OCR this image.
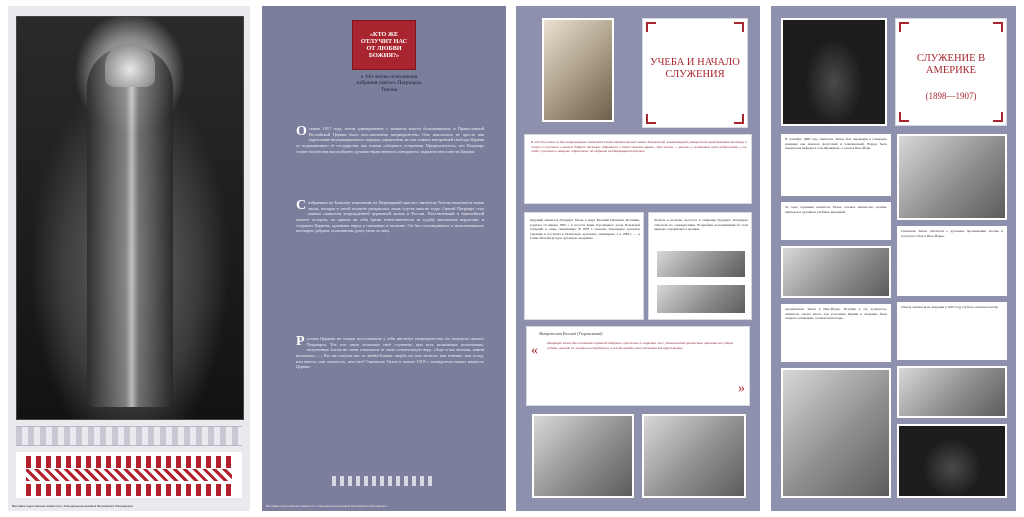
Выставка подготовлена совместно с Синодальным архивом Московского Патриархата
«КТО ЖЕ ОТЛУЧИТ НАС ОТ ЛЮБВИ БОЖИЯ?»
к 100-летию исполнения избрания святого Патриарха Тихона
О сенью 1917 года, почти одновременно с захватом власти большевиками, в Православной Российской Церкви было восстановлено патриаршество. Оно мыслилось не просто как укрепление внутрицерковного порядка управления, но как символ внутренней свободы Церкви от подавляющего её государства, как основа соборного устроения. Предполагалось, что Патриарх станет носителем высочайшего духовно-нравственного авторитета, выразителем совести Церкви.
С избранием по Божьему изволению на Патриарший престол святителя Тихона начинается новая эпоха, которая в своей полноте раскрылась лишь спустя многие годы. Святой Патриарх стал живым символом возрождённой церковной жизни в России. Поставленный в тяжелейший момент истории, он принял на себя бремя ответственности за судьбу миллионов верующих и сохранил Церковь, призывая народ к покаянию и молитве. Он был исповедником и молитвенником, пастырем добрым, полагавшим душу свою за овец.
Р усская Церковь не только восстановила у себя институт патриаршества, но получила святого Патриарха. Тот, кто свято исполнил своё служение, при всех возможных испытаниях, полученных Богом не стоит отказаться за свою сознательную веру. «Аще и мы молчим, камни возопиют». — Кто же отлучит нас от любви Божия: скорбь ли, или теснота, или гонение, или голод, или нагота, или опасность, или меч? Святитель Тихон в начале 1918 г. засвидетельствовал верность Церкви.
Выставка подготовлена совместно с Синодальным архивом Московского Патриархата
УЧЕБА И НАЧАЛО СЛУЖЕНИЯ
В год 100-летия со дня интронизации святителя Тихона Православный Свято-Тихоновский гуманитарный университет представляет выставку о жизни и служении «святого доброго пастыря, избранного в самое тяжкое время». Эти листы — рассказ о жизненном пути подвижника, о его учёбе, служении в Америке и Ярославле, об избрании на Патриарший престол.
Будущий святитель Патриарх Тихон, в миру Василий Иванович Беллавин, родился 19 января 1865 г. в погосте Клин Торопецкого уезда Псковской губернии в семье священника. В 1878 г. окончил Торопецкое духовное училище и поступил в Псковскую духовную семинарию, а в 1884 г. — в Санкт-Петербургскую духовную академию.
Любовь к молитве, кротость и смирение будущего Патриарха отмечали его однокурсники. Подробные воспоминания об этом периоде сохранились в архивах.
Митрополит Евлогий (Георгиевский)
«
»
Патриарх Тихон был человеком огромной доброты, простоты и смирения. Он с удивительной кротостью принимал все удары судьбы, никогда не жалуясь на трудности, а всегда находя слово утешения для окружающих.
СЛУЖЕНИЕ В АМЕРИКЕ
(1898—1907)
В сентябре 1898 года святитель Тихон был переведён в Северную Америку как епископ Алеутский и Аляскинский. Вскоре была перенесена кафедра в Сан-Франциско, а затем в Нью-Йорк.
За годы служения святитель Тихон основал множество храмов, приходов и духовных учебных заведений.
Святитель Тихон заботился о духовном просвещении паствы и построил собор в Нью-Йорке.
Архиепископ Тихон в Нью-Йорке. Вступив в эту должность, святитель сделал много для устроения Церкви в Америке: была открыта семинария, основан монастырь.
Отъезд святителя из Америки в 1907 году глубоко опечалил паству.
